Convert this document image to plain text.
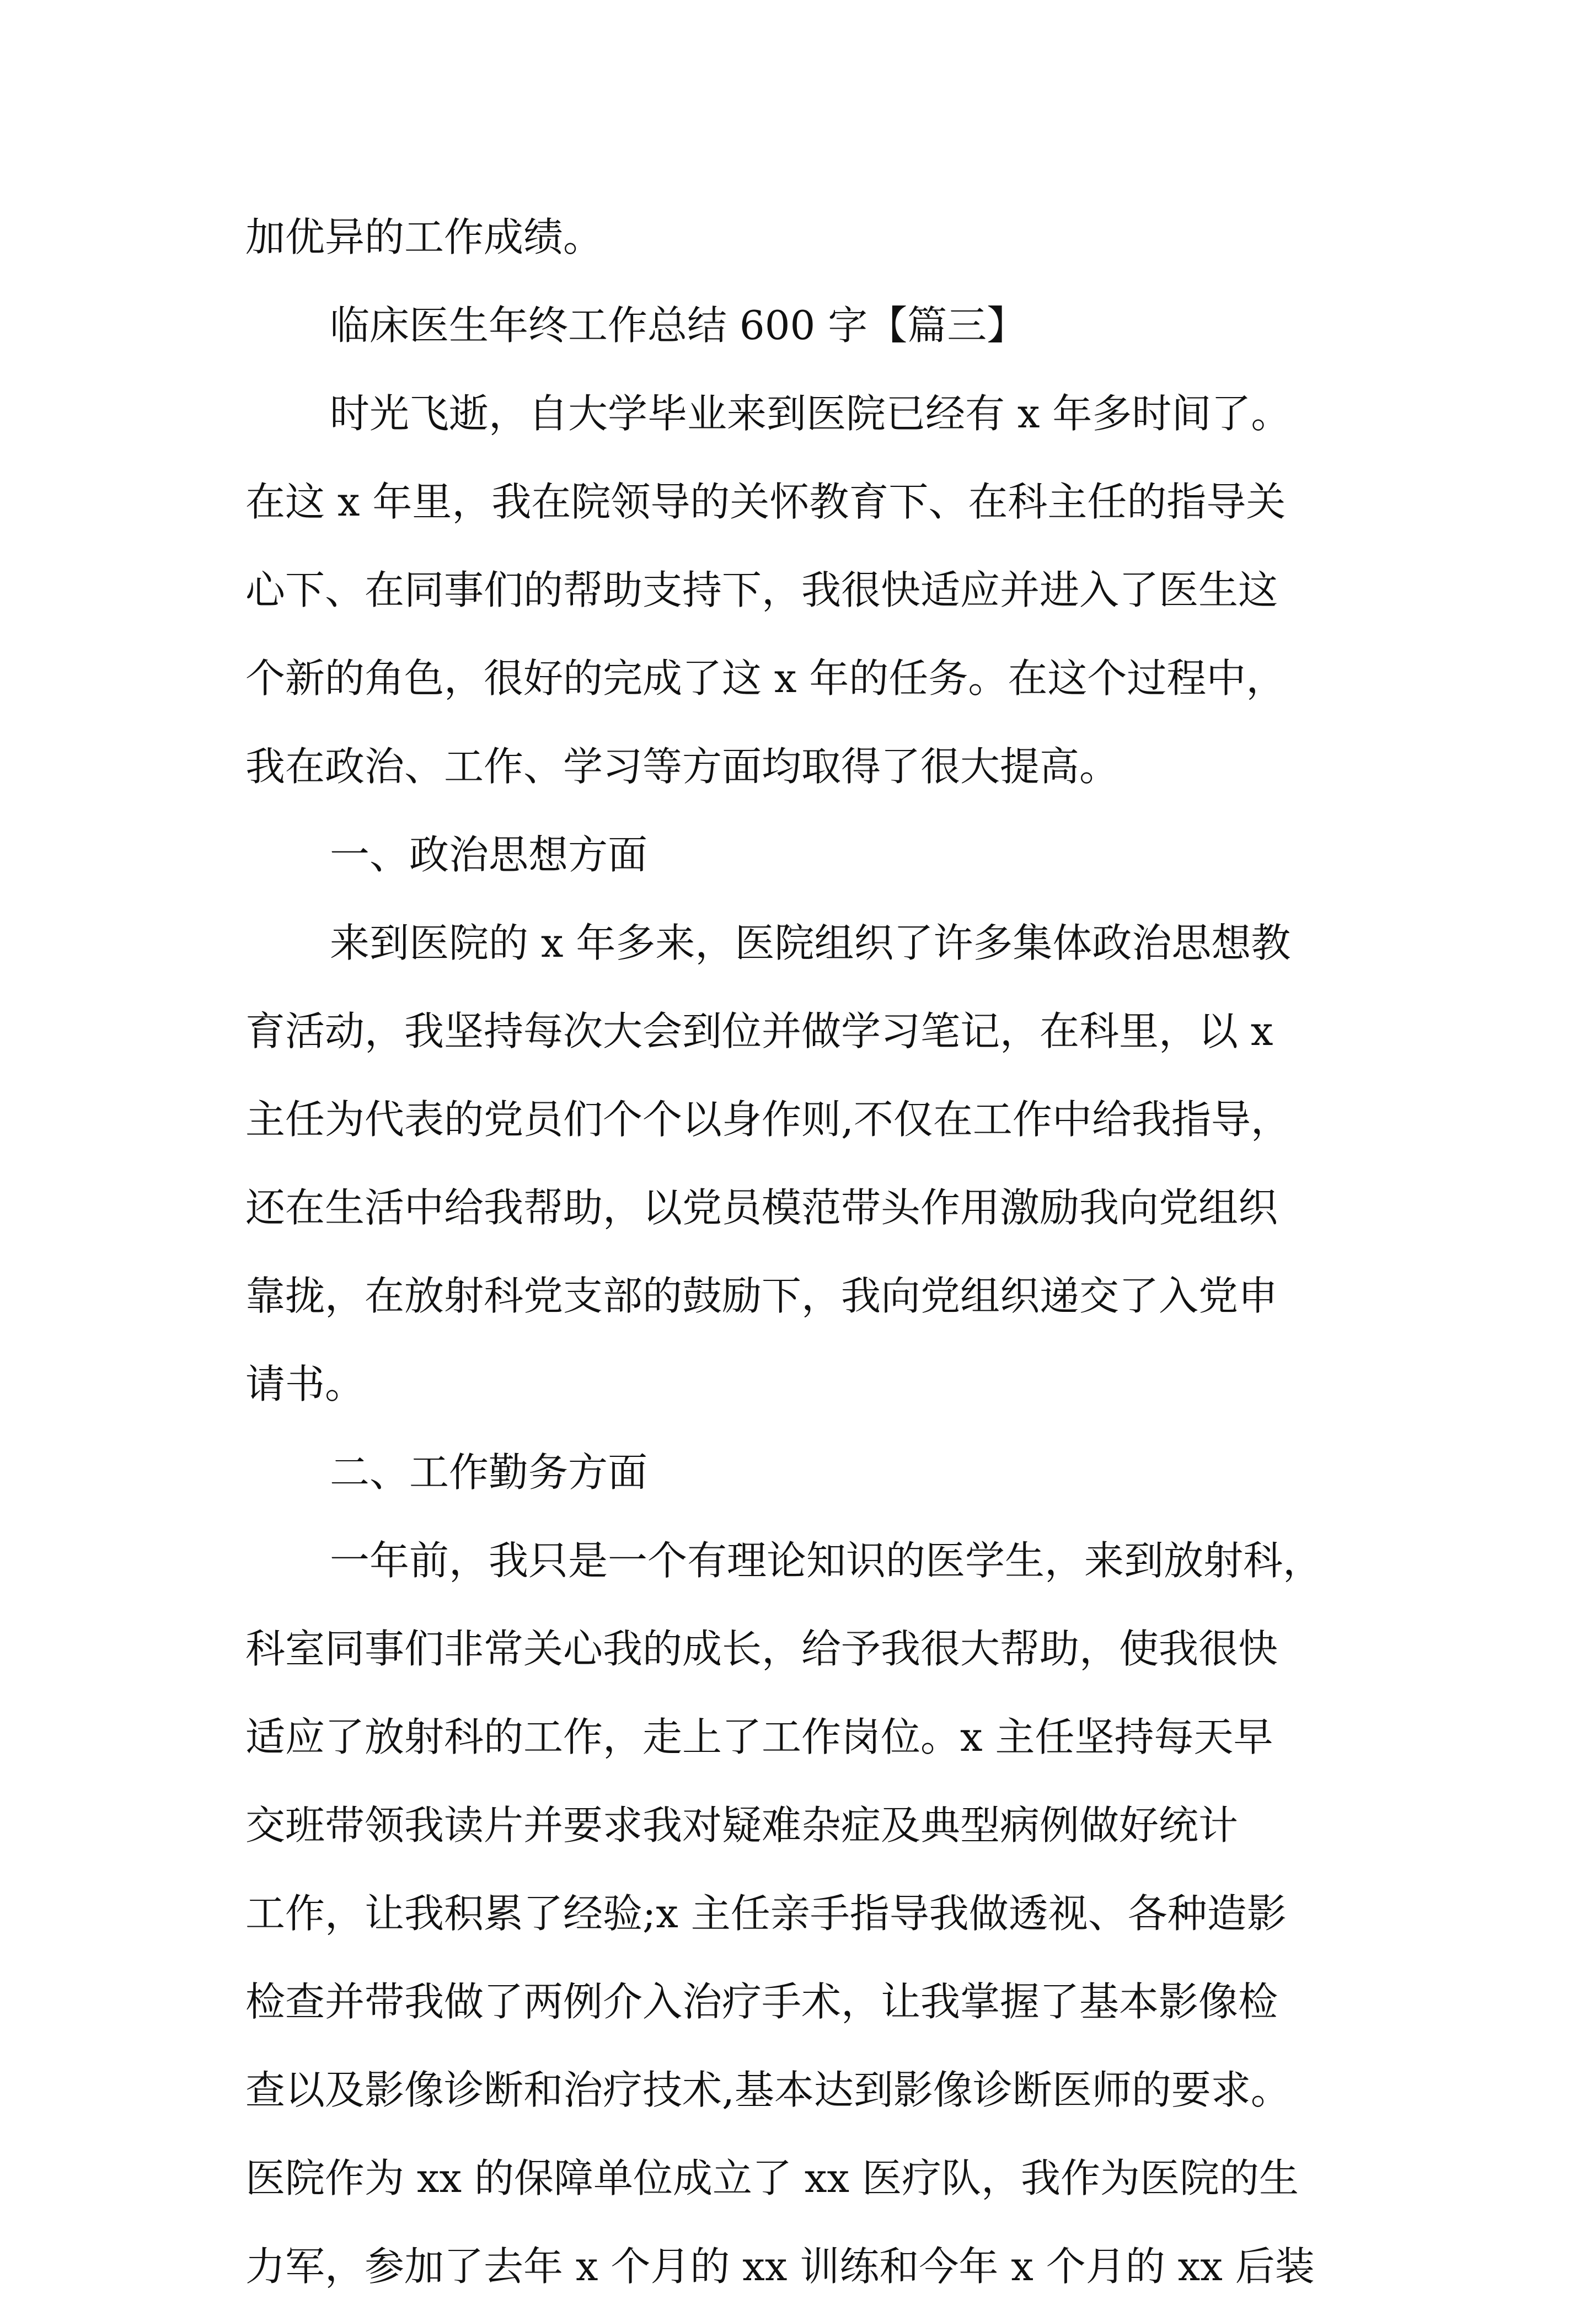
加优异的工作成绩。
临床医生年终工作总结 600 字【篇三】
时光飞逝，自大学毕业来到医院已经有 x 年多时间了。
在这 x 年里，我在院领导的关怀教育下、在科主任的指导关
心下、在同事们的帮助支持下，我很快适应并进入了医生这
个新的角色，很好的完成了这 x 年的任务。在这个过程中，
我在政治、工作、学习等方面均取得了很大提高。
一、政治思想方面
来到医院的 x 年多来，医院组织了许多集体政治思想教
育活动，我坚持每次大会到位并做学习笔记，在科里，以 x
主任为代表的党员们个个以身作则,不仅在工作中给我指导，
还在生活中给我帮助，以党员模范带头作用激励我向党组织
靠拢，在放射科党支部的鼓励下，我向党组织递交了入党申
请书。
二、工作勤务方面
一年前，我只是一个有理论知识的医学生，来到放射科，
科室同事们非常关心我的成长，给予我很大帮助，使我很快
适应了放射科的工作，走上了工作岗位。x 主任坚持每天早
交班带领我读片并要求我对疑难杂症及典型病例做好统计
工作，让我积累了经验;x 主任亲手指导我做透视、各种造影
检查并带我做了两例介入治疗手术，让我掌握了基本影像检
查以及影像诊断和治疗技术,基本达到影像诊断医师的要求。
医院作为 xx 的保障单位成立了 xx 医疗队，我作为医院的生
力军，参加了去年 x 个月的 xx 训练和今年 x 个月的 xx 后装
